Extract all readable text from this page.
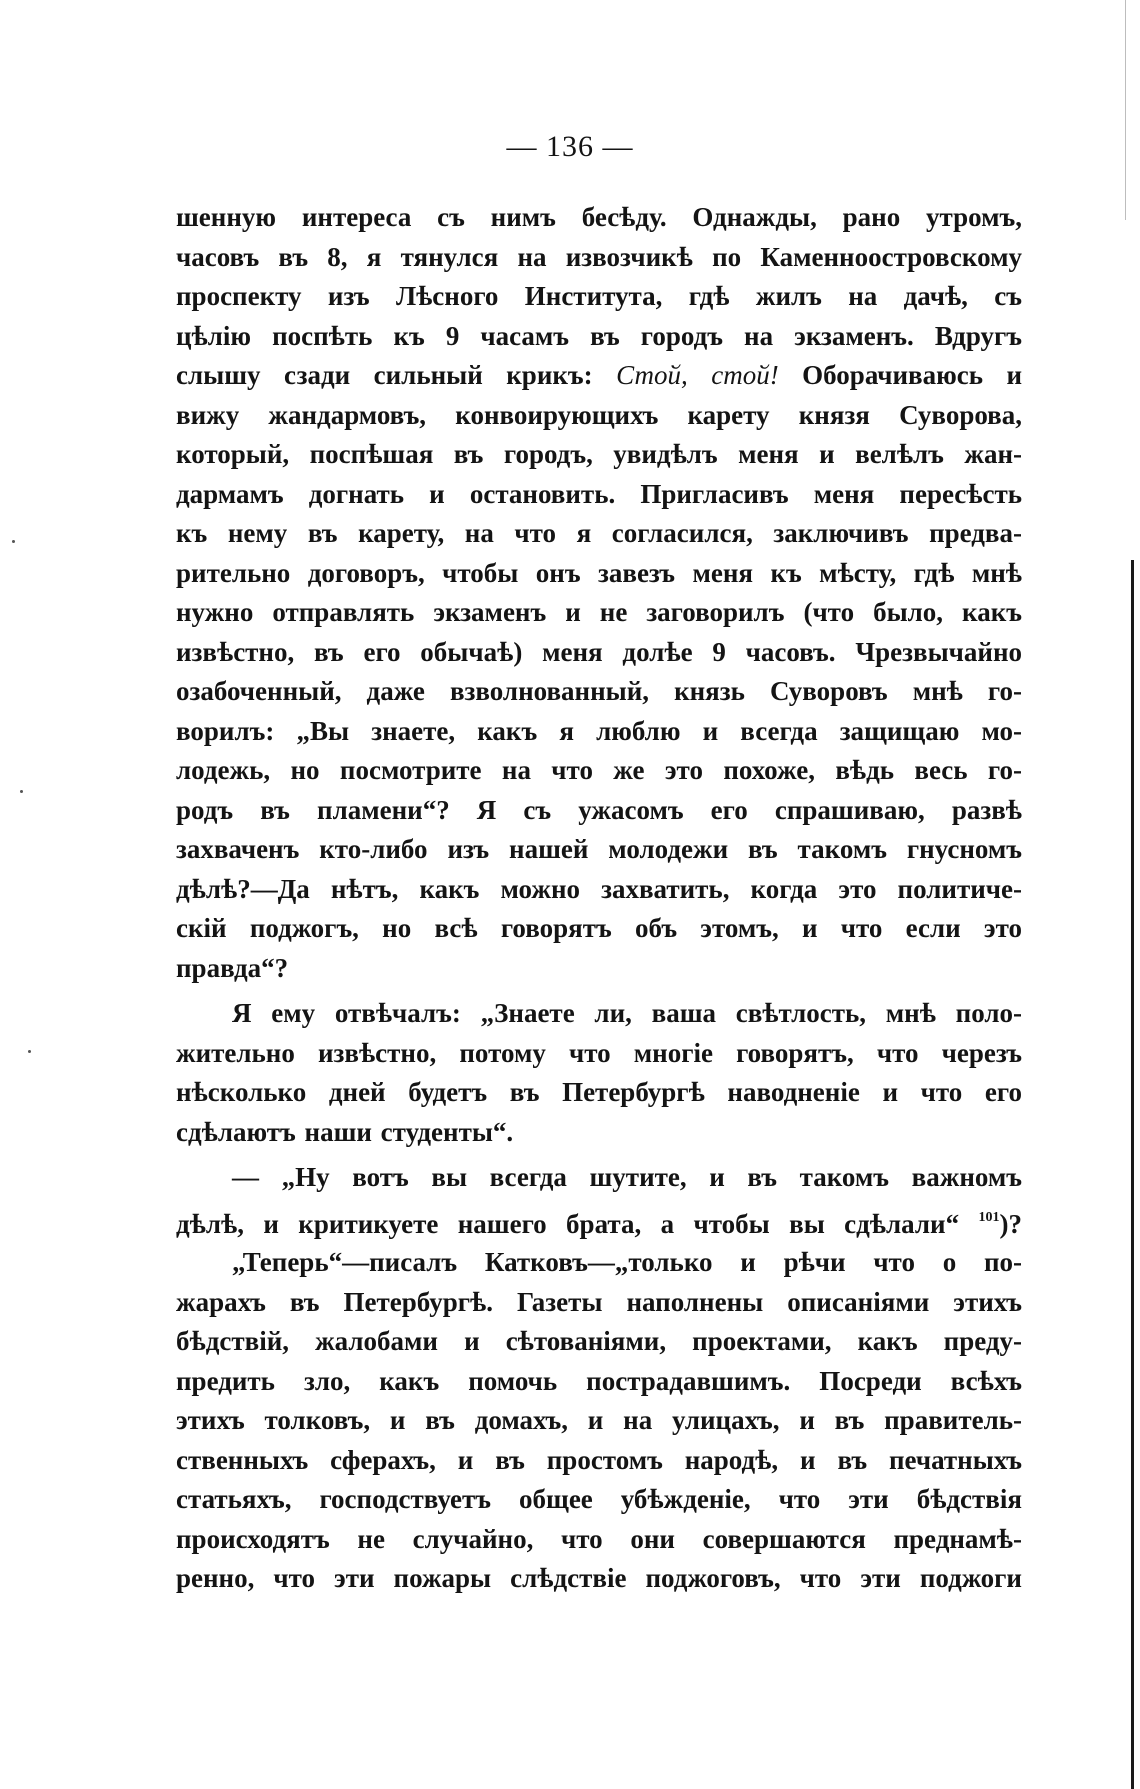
— 136 —
шенную интереса съ нимъ бесѣду. Однажды, рано утромъ,
часовъ въ 8, я тянулся на извозчикѣ по Каменноостровскому
проспекту изъ Лѣсного Института, гдѣ жилъ на дачѣ, съ
цѣлію поспѣть къ 9 часамъ въ городъ на экзаменъ. Вдругъ
слышу сзади сильный крикъ: Стой, стой! Оборачиваюсь и
вижу жандармовъ, конвоирующихъ карету князя Суворова,
который, поспѣшая въ городъ, увидѣлъ меня и велѣлъ жан-
дармамъ догнать и остановить. Пригласивъ меня пересѣсть
къ нему въ карету, на что я согласился, заключивъ предва-
рительно договоръ, чтобы онъ завезъ меня къ мѣсту, гдѣ мнѣ
нужно отправлять экзаменъ и не заговорилъ (что было, какъ
извѣстно, въ его обычаѣ) меня долѣе 9 часовъ. Чрезвычайно
озабоченный, даже взволнованный, князь Суворовъ мнѣ го-
ворилъ: „Вы знаете, какъ я люблю и всегда защищаю мо-
лодежь, но посмотрите на что же это похоже, вѣдь весь го-
родъ въ пламени“? Я съ ужасомъ его спрашиваю, развѣ
захваченъ кто-либо изъ нашей молодежи въ такомъ гнусномъ
дѣлѣ?—Да нѣтъ, какъ можно захватить, когда это политиче-
скій поджогъ, но всѣ говорятъ объ этомъ, и что если это
правда“?
Я ему отвѣчалъ: „Знаете ли, ваша свѣтлость, мнѣ поло-
жительно извѣстно, потому что многіе говорятъ, что черезъ
нѣсколько дней будетъ въ Петербургѣ наводненіе и что его
сдѣлаютъ наши студенты“.
— „Ну вотъ вы всегда шутите, и въ такомъ важномъ
дѣлѣ, и критикуете нашего брата, а чтобы вы сдѣлали“ $^{101}$)?
„Теперь“—писалъ Катковъ—„только и рѣчи что о по-
жарахъ въ Петербургѣ. Газеты наполнены описаніями этихъ
бѣдствій, жалобами и сѣтованіями, проектами, какъ преду-
предить зло, какъ помочь пострадавшимъ. Посреди всѣхъ
этихъ толковъ, и въ домахъ, и на улицахъ, и въ правитель-
ственныхъ сферахъ, и въ простомъ народѣ, и въ печатныхъ
статьяхъ, господствуетъ общее убѣжденіе, что эти бѣдствія
происходятъ не случайно, что они совершаются преднамѣ-
ренно, что эти пожары слѣдствіе поджоговъ, что эти поджоги
